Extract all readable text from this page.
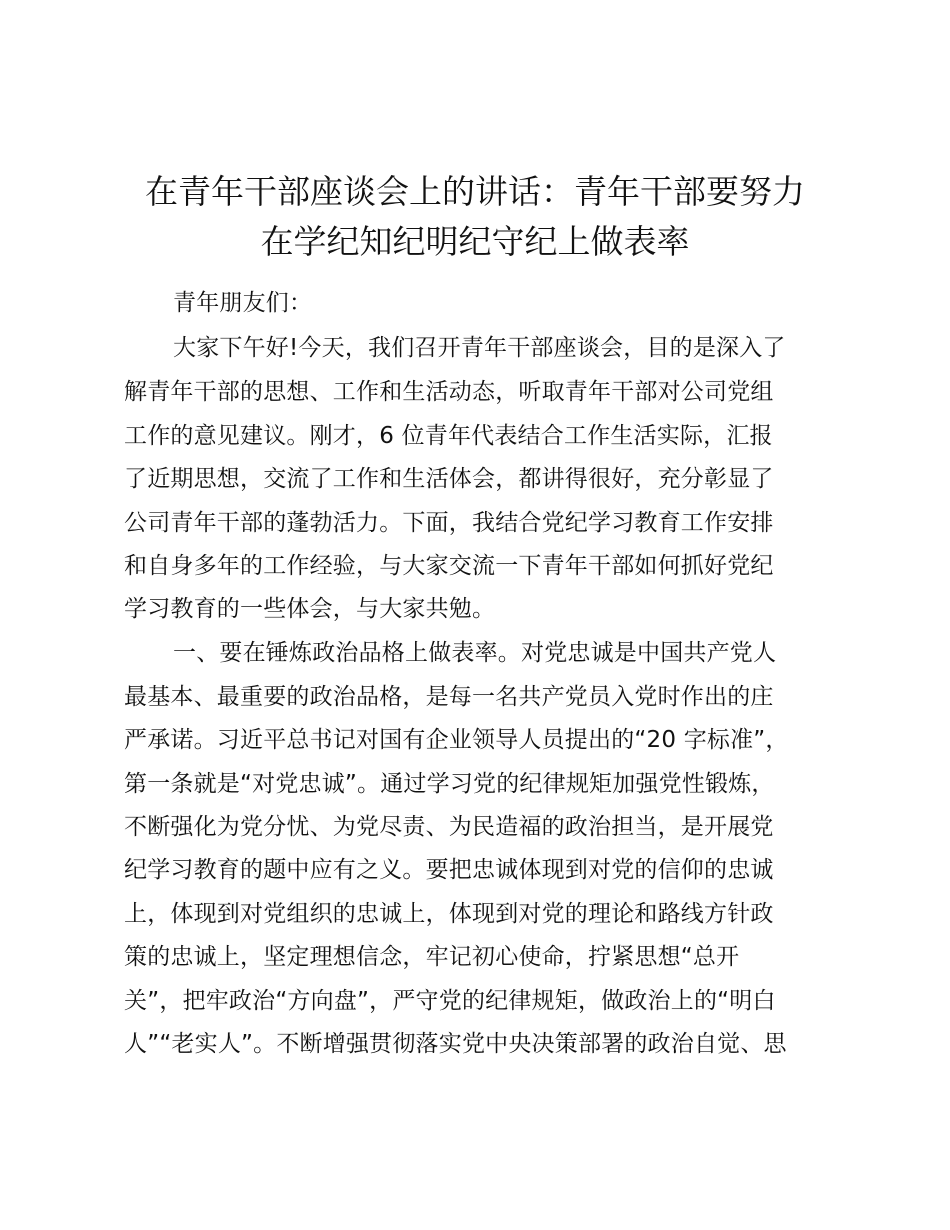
在青年干部座谈会上的讲话：青年干部要努力
在学纪知纪明纪守纪上做表率
青年朋友们：
大家下午好!今天，我们召开青年干部座谈会，目的是深入了
解青年干部的思想、工作和生活动态，听取青年干部对公司党组
工作的意见建议。刚才，6 位青年代表结合工作生活实际，汇报
了近期思想，交流了工作和生活体会，都讲得很好，充分彰显了
公司青年干部的蓬勃活力。下面，我结合党纪学习教育工作安排
和自身多年的工作经验，与大家交流一下青年干部如何抓好党纪
学习教育的一些体会，与大家共勉。
一、要在锤炼政治品格上做表率。对党忠诚是中国共产党人
最基本、最重要的政治品格，是每一名共产党员入党时作出的庄
严承诺。习近平总书记对国有企业领导人员提出的“20 字标准”，
第一条就是“对党忠诚”。通过学习党的纪律规矩加强党性锻炼，
不断强化为党分忧、为党尽责、为民造福的政治担当，是开展党
纪学习教育的题中应有之义。要把忠诚体现到对党的信仰的忠诚
上，体现到对党组织的忠诚上，体现到对党的理论和路线方针政
策的忠诚上，坚定理想信念，牢记初心使命，拧紧思想“总开
关”，把牢政治“方向盘”，严守党的纪律规矩，做政治上的“明白
人”“老实人”。不断增强贯彻落实党中央决策部署的政治自觉、思
